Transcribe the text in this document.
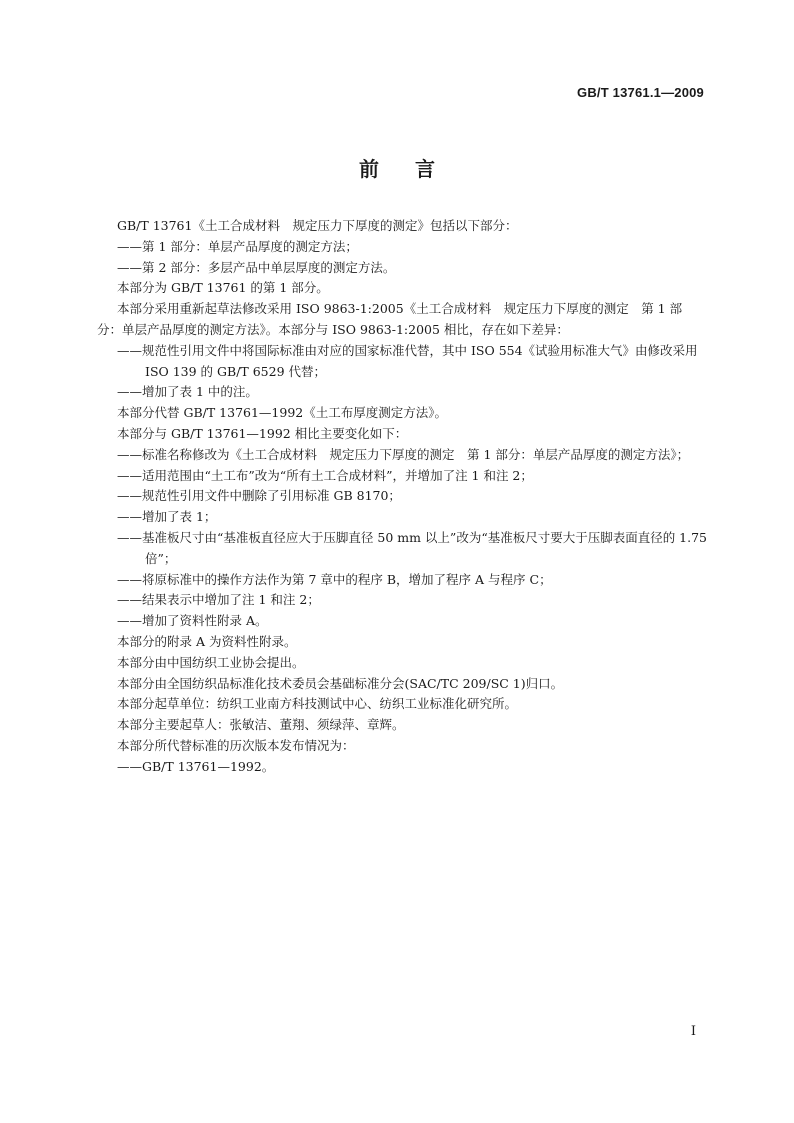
GB/T 13761.1—2009
前言

GB/T 13761《土工合成材料　规定压力下厚度的测定》包括以下部分：

——第 1 部分：单层产品厚度的测定方法；

——第 2 部分：多层产品中单层厚度的测定方法。

本部分为 GB/T 13761 的第 1 部分。

本部分采用重新起草法修改采用 ISO 9863-1:2005《土工合成材料　规定压力下厚度的测定　第 1 部分：单层产品厚度的测定方法》。本部分与 ISO 9863-1:2005 相比，存在如下差异：

——规范性引用文件中将国际标准由对应的国家标准代替，其中 ISO 554《试验用标准大气》由修改采用 ISO 139 的 GB/T 6529 代替；

——增加了表 1 中的注。

本部分代替 GB/T 13761—1992《土工布厚度测定方法》。

本部分与 GB/T 13761—1992 相比主要变化如下：

——标准名称修改为《土工合成材料　规定压力下厚度的测定　第 1 部分：单层产品厚度的测定方法》；

——适用范围由“土工布”改为“所有土工合成材料”，并增加了注 1 和注 2；

——规范性引用文件中删除了引用标准 GB 8170；

——增加了表 1；

——基准板尺寸由“基准板直径应大于压脚直径 50 mm 以上”改为“基准板尺寸要大于压脚表面直径的 1.75 倍”；

——将原标准中的操作方法作为第 7 章中的程序 B，增加了程序 A 与程序 C；

——结果表示中增加了注 1 和注 2；

——增加了资料性附录 A。

本部分的附录 A 为资料性附录。

本部分由中国纺织工业协会提出。

本部分由全国纺织品标准化技术委员会基础标准分会(SAC/TC 209/SC 1)归口。

本部分起草单位：纺织工业南方科技测试中心、纺织工业标准化研究所。

本部分主要起草人：张敏洁、董翔、须绿萍、章辉。

本部分所代替标准的历次版本发布情况为：

——GB/T 13761—1992。

I
